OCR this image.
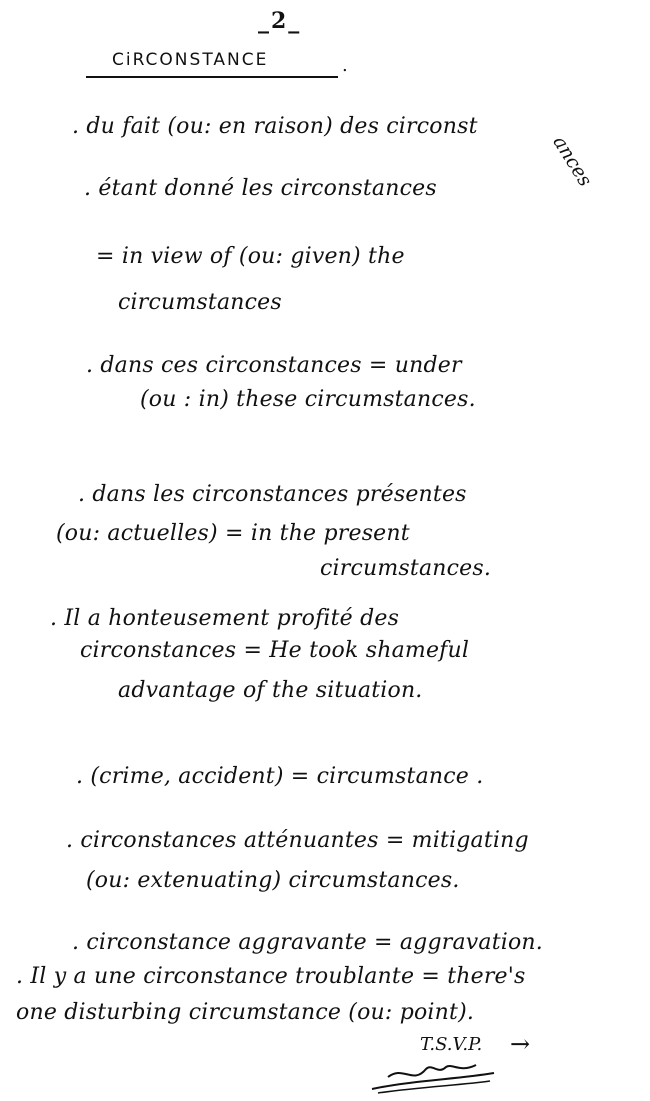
_2_
CiRCONSTANCE	.
. du fait (ou: en raison) des circonst
ances
. étant donné les circonstances
= in view of (ou: given) the
circumstances
. dans ces circonstances = under
(ou : in) these circumstances.
. dans les circonstances présentes
(ou: actuelles) = in the present
circumstances.
. Il a honteusement profité des
circonstances = He took shameful
advantage of the situation.
. (crime, accident) = circumstance .
. circonstances atténuantes = mitigating
(ou: extenuating) circumstances.
. circonstance aggravante = aggravation.
. Il y a une circonstance troublante = there's
one disturbing circumstance (ou: point).
T.S.V.P. →
